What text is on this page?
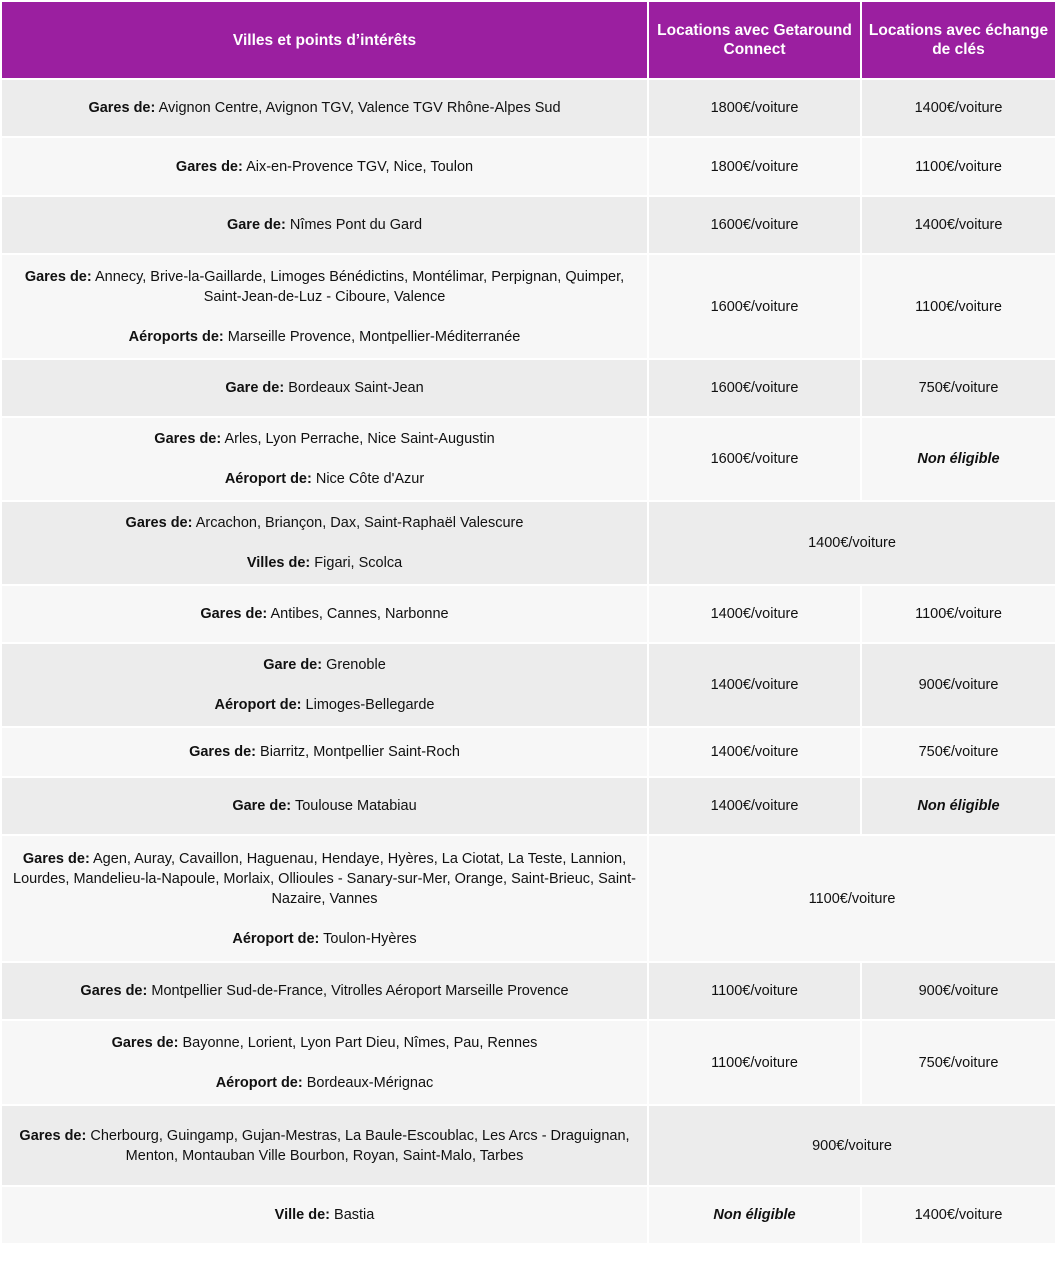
Villes et points d’intérêts	Locations avec Getaround Connect	Locations avec échange de clés

Gares de: Avignon Centre, Avignon TGV, Valence TGV Rhône-Alpes Sud	1800€/voiture	1400€/voiture

Gares de: Aix-en-Provence TGV, Nice, Toulon	1800€/voiture	1100€/voiture

Gare de: Nîmes Pont du Gard	1600€/voiture	1400€/voiture

Gares de: Annecy, Brive-la-Gaillarde, Limoges Bénédictins, Montélimar, Perpignan, Quimper, Saint-Jean-de-Luz - Ciboure, Valence
Aéroports de: Marseille Provence, Montpellier-Méditerranée	1600€/voiture	1100€/voiture

Gare de: Bordeaux Saint-Jean	1600€/voiture	750€/voiture

Gares de: Arles, Lyon Perrache, Nice Saint-Augustin
Aéroport de: Nice Côte d'Azur	1600€/voiture	Non éligible

Gares de: Arcachon, Briançon, Dax, Saint-Raphaël Valescure
Villes de: Figari, Scolca	1400€/voiture	

Gares de: Antibes, Cannes, Narbonne	1400€/voiture	1100€/voiture

Gare de: Grenoble
Aéroport de: Limoges-Bellegarde	1400€/voiture	900€/voiture

Gares de: Biarritz, Montpellier Saint-Roch	1400€/voiture	750€/voiture

Gare de: Toulouse Matabiau	1400€/voiture	Non éligible

Gares de: Agen, Auray, Cavaillon, Haguenau, Hendaye, Hyères, La Ciotat, La Teste, Lannion, Lourdes, Mandelieu-la-Napoule, Morlaix, Ollioules - Sanary-sur-Mer, Orange, Saint-Brieuc, Saint-Nazaire, Vannes
Aéroport de: Toulon-Hyères	1100€/voiture	

Gares de: Montpellier Sud-de-France, Vitrolles Aéroport Marseille Provence	1100€/voiture	900€/voiture

Gares de: Bayonne, Lorient, Lyon Part Dieu, Nîmes, Pau, Rennes
Aéroport de: Bordeaux-Mérignac	1100€/voiture	750€/voiture

Gares de: Cherbourg, Guingamp, Gujan-Mestras, La Baule-Escoublac, Les Arcs - Draguignan, Menton, Montauban Ville Bourbon, Royan, Saint-Malo, Tarbes	900€/voiture	

Ville de: Bastia	Non éligible	1400€/voiture
